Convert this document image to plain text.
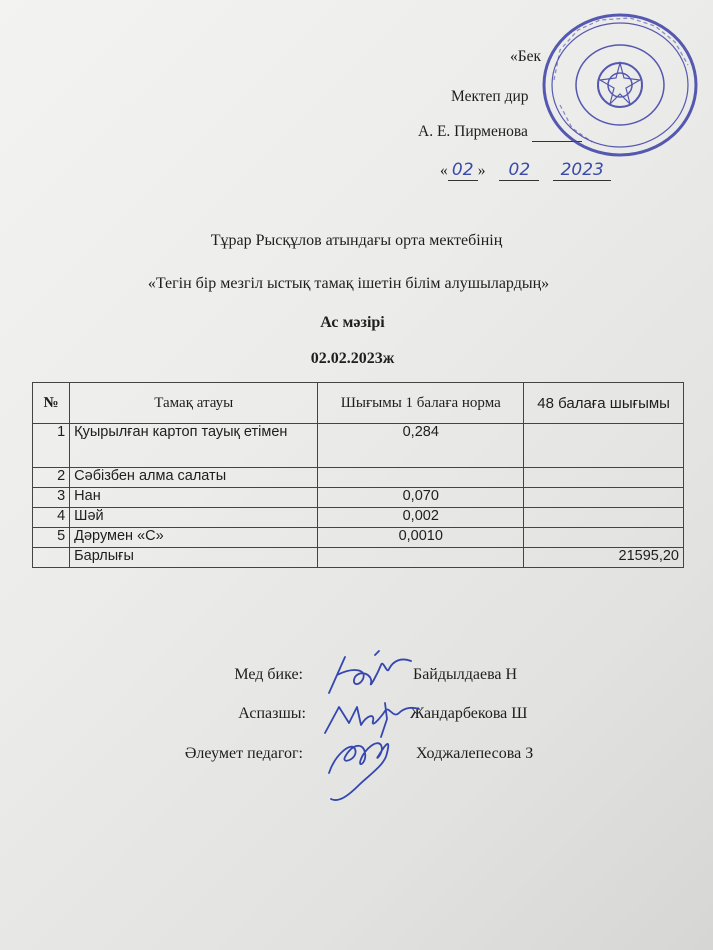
«Бек
Мектеп дир
А. Е. Пирменова
« 02 » 02 2023
Тұрар Рысқұлов атындағы орта мектебінің
«Тегін бір мезгіл ыстық тамақ ішетін білім алушылардың»
Ас мәзірі
02.02.2023ж
№	Тамақ атауы	Шығымы 1 балаға норма	48 балаға шығымы
1	Қуырылған картоп тауық етімен	0,284	
2	Сәбізбен алма салаты		
3	Нан	0,070	
4	Шәй	0,002	
5	Дәрумен «С»	0,0010	
	Барлығы		21595,20
Мед бике:	Байдылдаева Н
Аспазшы:	Жандарбекова Ш
Әлеумет педагог:	Ходжалепесова З
